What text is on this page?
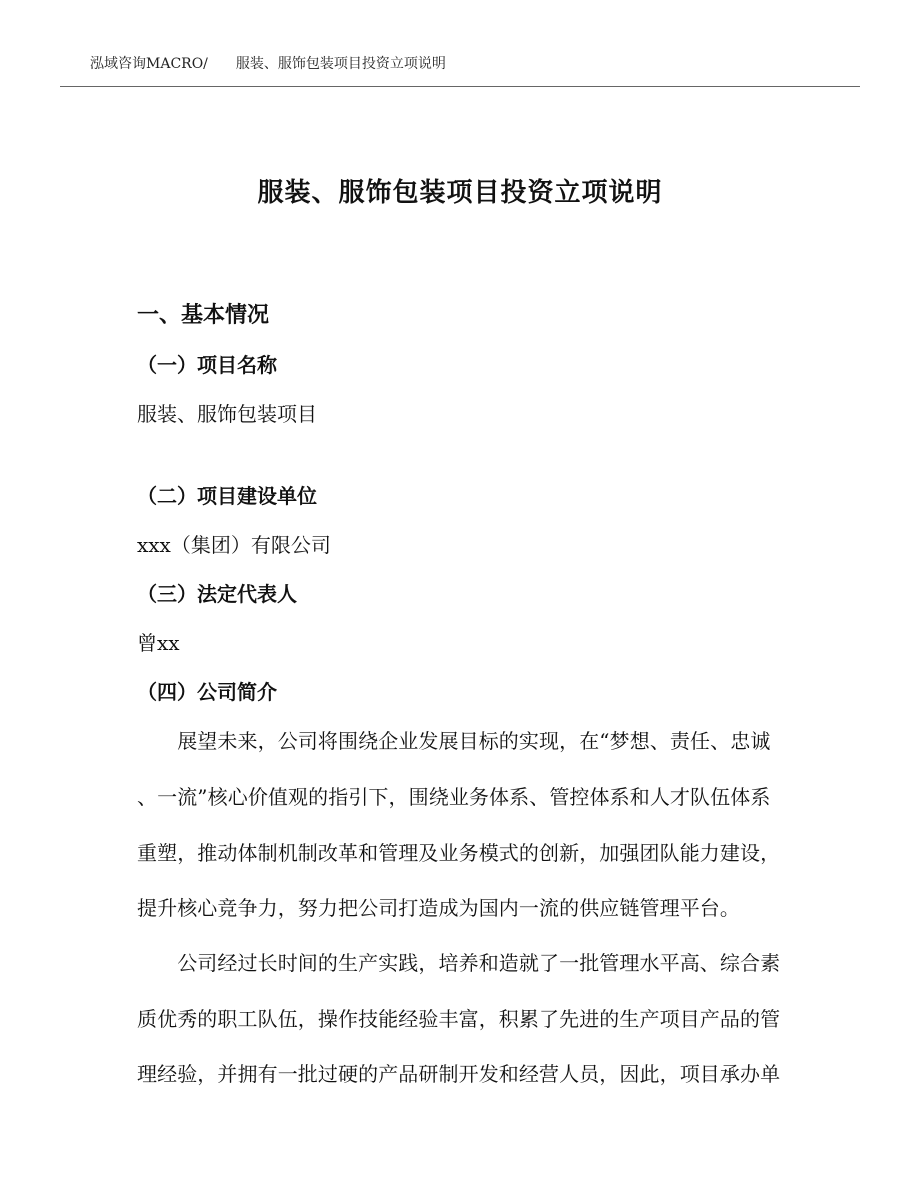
泓域咨询MACRO/ 服装、服饰包装项目投资立项说明
服装、服饰包装项目投资立项说明
一、基本情况
（一）项目名称
服装、服饰包装项目
（二）项目建设单位
xxx（集团）有限公司
（三）法定代表人
曾xx
（四）公司简介
　　展望未来，公司将围绕企业发展目标的实现，在“梦想、责任、忠诚
、一流”核心价值观的指引下，围绕业务体系、管控体系和人才队伍体系
重塑，推动体制机制改革和管理及业务模式的创新，加强团队能力建设，
提升核心竞争力，努力把公司打造成为国内一流的供应链管理平台。
　　公司经过长时间的生产实践，培养和造就了一批管理水平高、综合素
质优秀的职工队伍，操作技能经验丰富，积累了先进的生产项目产品的管
理经验，并拥有一批过硬的产品研制开发和经营人员，因此，项目承办单
